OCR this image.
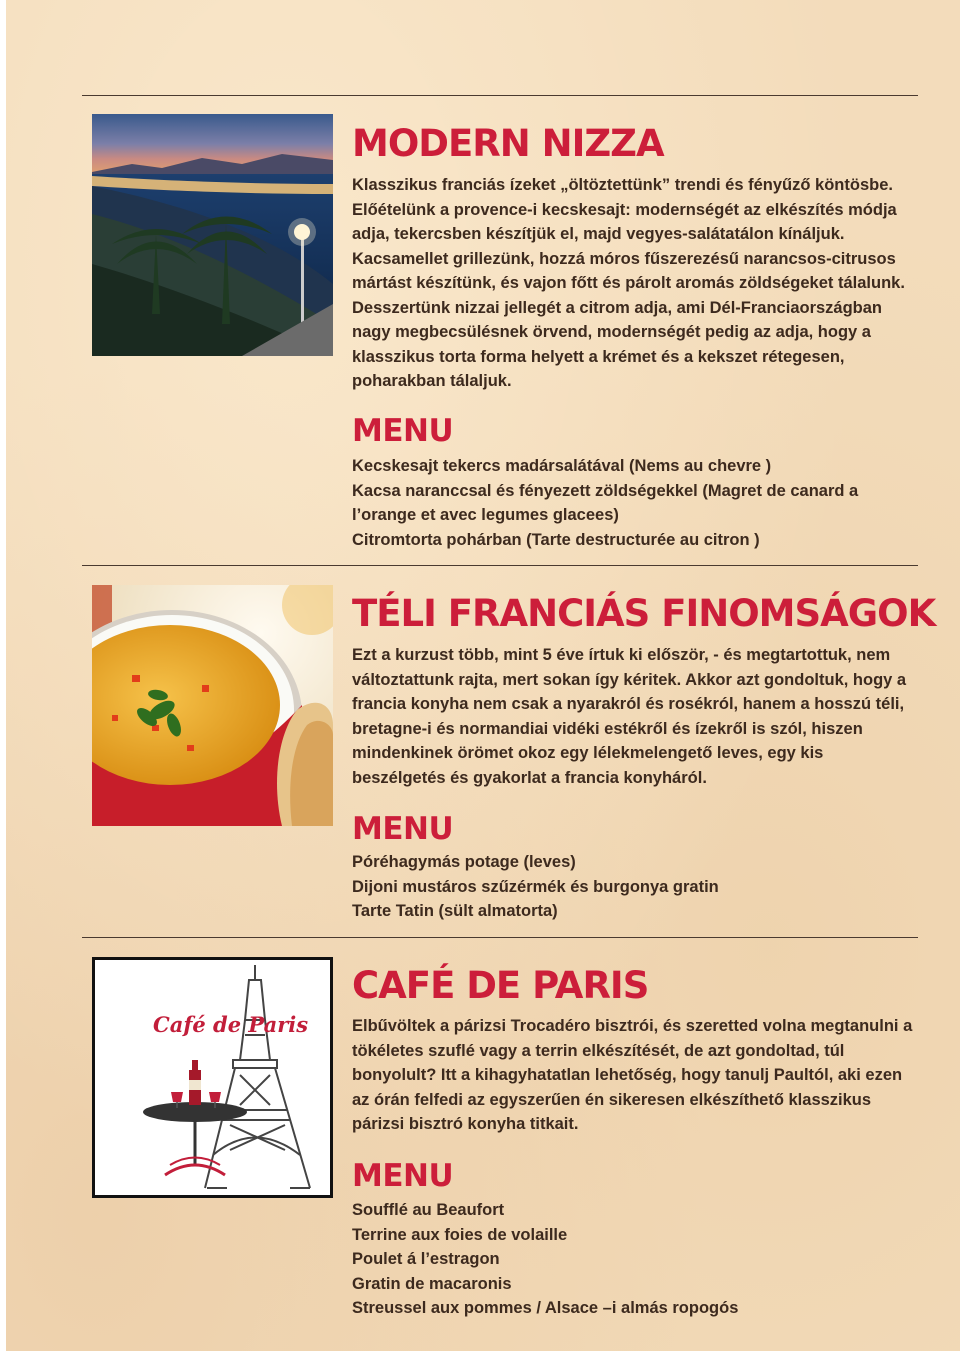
MODERN NIZZA

Klasszikus franciás ízeket „öltöztettünk” trendi és fényűző köntösbe. Előételünk a provence-i kecskesajt: modernségét az elkészítés módja adja, tekercsben készítjük el, majd vegyes-salátatálon kínáljuk. Kacsamellet grillezünk, hozzá móros fűszerezésű narancsos-citrusos mártást készítünk, és vajon főtt és párolt aromás zöldségeket tálalunk. Desszertünk nizzai jellegét a citrom adja, ami Dél-Franciaországban nagy megbecsülésnek örvend, modernségét pedig az adja, hogy a klasszikus torta forma helyett a krémet és a kekszet rétegesen, poharakban tálaljuk.

MENU
Kecskesajt tekercs madársalátával (Nems au chevre )
Kacsa naranccsal és fényezett zöldségekkel (Magret de canard a l’orange et avec legumes glacees)
Citromtorta pohárban (Tarte destructurée au citron )
TÉLI FRANCIÁS FINOMSÁGOK

Ezt a kurzust több, mint 5 éve írtuk ki először, - és megtartottuk, nem változtattunk rajta, mert sokan így kéritek. Akkor azt gondoltuk, hogy a francia konyha nem csak a nyarakról és rosékról, hanem a hosszú téli, bretagne-i és normandiai vidéki estékről és ízekről is szól, hiszen mindenkinek örömet okoz egy lélekmelengető leves, egy kis beszélgetés és gyakorlat a francia konyháról.

MENU
Póréhagymás potage (leves)
Dijoni mustáros szűzérmék és burgonya gratin
Tarte Tatin (sült almatorta)
Café de Paris
CAFÉ DE PARIS

Elbűvöltek a párizsi Trocadéro bisztrói, és szeretted volna megtanulni a tökéletes szuflé vagy a terrin elkészítését, de azt gondoltad, túl bonyolult? Itt a kihagyhatatlan lehetőség, hogy tanulj Paultól, aki ezen az órán felfedi az egyszerűen én sikeresen elkészíthető klasszikus párizsi bisztró konyha titkait.

MENU
Soufflé au Beaufort
Terrine aux foies de volaille
Poulet á l’estragon
Gratin de macaronis
Streussel aux pommes / Alsace –i almás ropogós
